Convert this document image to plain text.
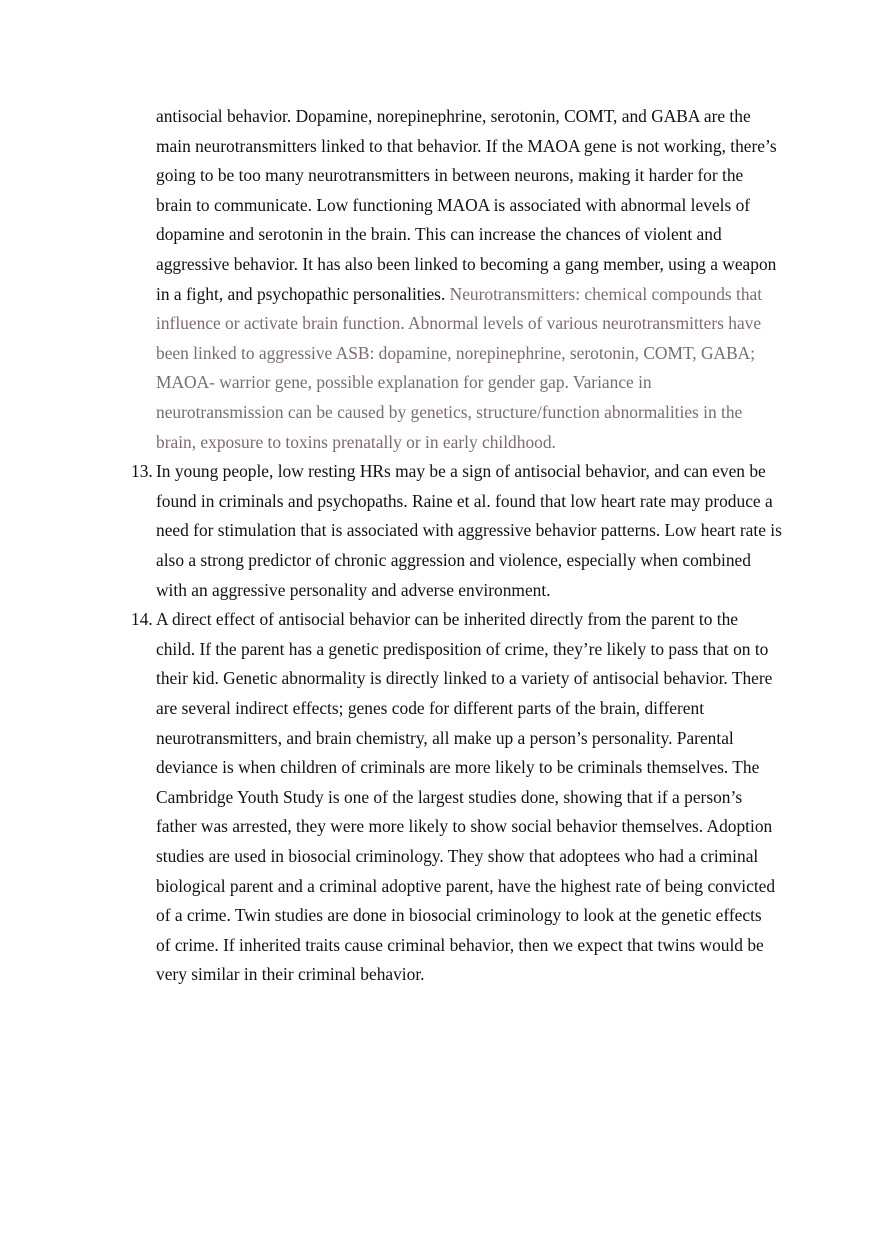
antisocial behavior. Dopamine, norepinephrine, serotonin, COMT, and GABA are the
main neurotransmitters linked to that behavior. If the MAOA gene is not working, there’s
going to be too many neurotransmitters in between neurons, making it harder for the
brain to communicate. Low functioning MAOA is associated with abnormal levels of
dopamine and serotonin in the brain. This can increase the chances of violent and
aggressive behavior. It has also been linked to becoming a gang member, using a weapon
in a fight, and psychopathic personalities. Neurotransmitters: chemical compounds that
influence or activate brain function. Abnormal levels of various neurotransmitters have
been linked to aggressive ASB: dopamine, norepinephrine, serotonin, COMT, GABA;
MAOA- warrior gene, possible explanation for gender gap. Variance in
neurotransmission can be caused by genetics, structure/function abnormalities in the
brain, exposure to toxins prenatally or in early childhood.
13. In young people, low resting HRs may be a sign of antisocial behavior, and can even be
found in criminals and psychopaths. Raine et al. found that low heart rate may produce a
need for stimulation that is associated with aggressive behavior patterns. Low heart rate is
also a strong predictor of chronic aggression and violence, especially when combined
with an aggressive personality and adverse environment.
14. A direct effect of antisocial behavior can be inherited directly from the parent to the
child. If the parent has a genetic predisposition of crime, they’re likely to pass that on to
their kid. Genetic abnormality is directly linked to a variety of antisocial behavior. There
are several indirect effects; genes code for different parts of the brain, different
neurotransmitters, and brain chemistry, all make up a person’s personality. Parental
deviance is when children of criminals are more likely to be criminals themselves. The
Cambridge Youth Study is one of the largest studies done, showing that if a person’s
father was arrested, they were more likely to show social behavior themselves. Adoption
studies are used in biosocial criminology. They show that adoptees who had a criminal
biological parent and a criminal adoptive parent, have the highest rate of being convicted
of a crime. Twin studies are done in biosocial criminology to look at the genetic effects
of crime. If inherited traits cause criminal behavior, then we expect that twins would be
very similar in their criminal behavior.
